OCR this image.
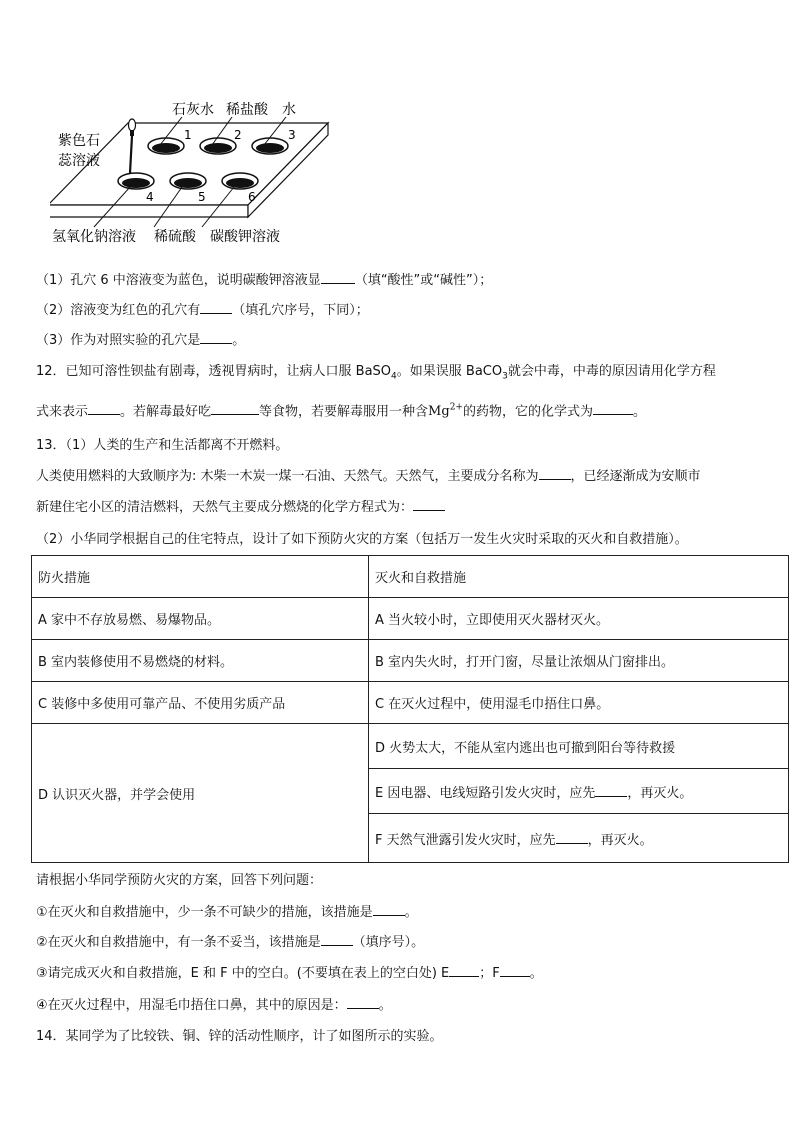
1	2	3
4	5	6
石灰水 稀盐酸 水
紫色石
蕊溶液
氢氧化钠溶液 稀硫酸 碳酸钾溶液
（1）孔穴 6 中溶液变为蓝色，说明碳酸钾溶液显	（填“酸性”或“碱性”）；
（2）溶液变为红色的孔穴有 （填孔穴序号，下同）；
（3）作为对照实验的孔穴是 。
12．已知可溶性钡盐有剧毒，透视胃病时，让病人口服 BaSO$_4$。如果误服 BaCO$_3$就会中毒，中毒的原因请用化学方程
式来表示 。若解毒最好吃	等食物，若要解毒服用一种含$Mg^{2+}$的药物，它的化学式为	。
13．（1）人类的生产和生活都离不开燃料。
人类使用燃料的大致顺序为: 木柴一木炭一煤一石油、天然气。天然气，主要成分名称为 ，已经逐渐成为安顺市
新建住宅小区的清洁燃料，天然气主要成分燃烧的化学方程式为：
（2）小华同学根据自己的住宅特点，设计了如下预防火灾的方案（包括万一发生火灾时采取的灭火和自救措施）。
防火措施	灭火和自救措施
A 家中不存放易燃、易爆物品。	A 当火较小时，立即使用灭火器材灭火。
B 室内装修使用不易燃烧的材料。	B 室内失火时，打开门窗，尽量让浓烟从门窗排出。
C 装修中多使用可靠产品、不使用劣质产品	C 在灭火过程中，使用湿毛巾捂住口鼻。
D 认识灭火器，并学会使用	D 火势太大，不能从室内逃出也可撤到阳台等待救援
	E 因电器、电线短路引发火灾时，应先 ，再灭火。
	F 天然气泄露引发火灾时，应先 ，再灭火。
请根据小华同学预防火灾的方案，回答下列问题：
①在灭火和自救措施中，少一条不可缺少的措施，该措施是 。
②在灭火和自救措施中，有一条不妥当，该措施是 （填序号）。
③请完成灭火和自救措施，E 和 F 中的空白。(不要填在表上的空白处) E ；F 。
④在灭火过程中，用湿毛巾捂住口鼻，其中的原因是： 。
14．某同学为了比较铁、铜、锌的活动性顺序，计了如图所示的实验。
